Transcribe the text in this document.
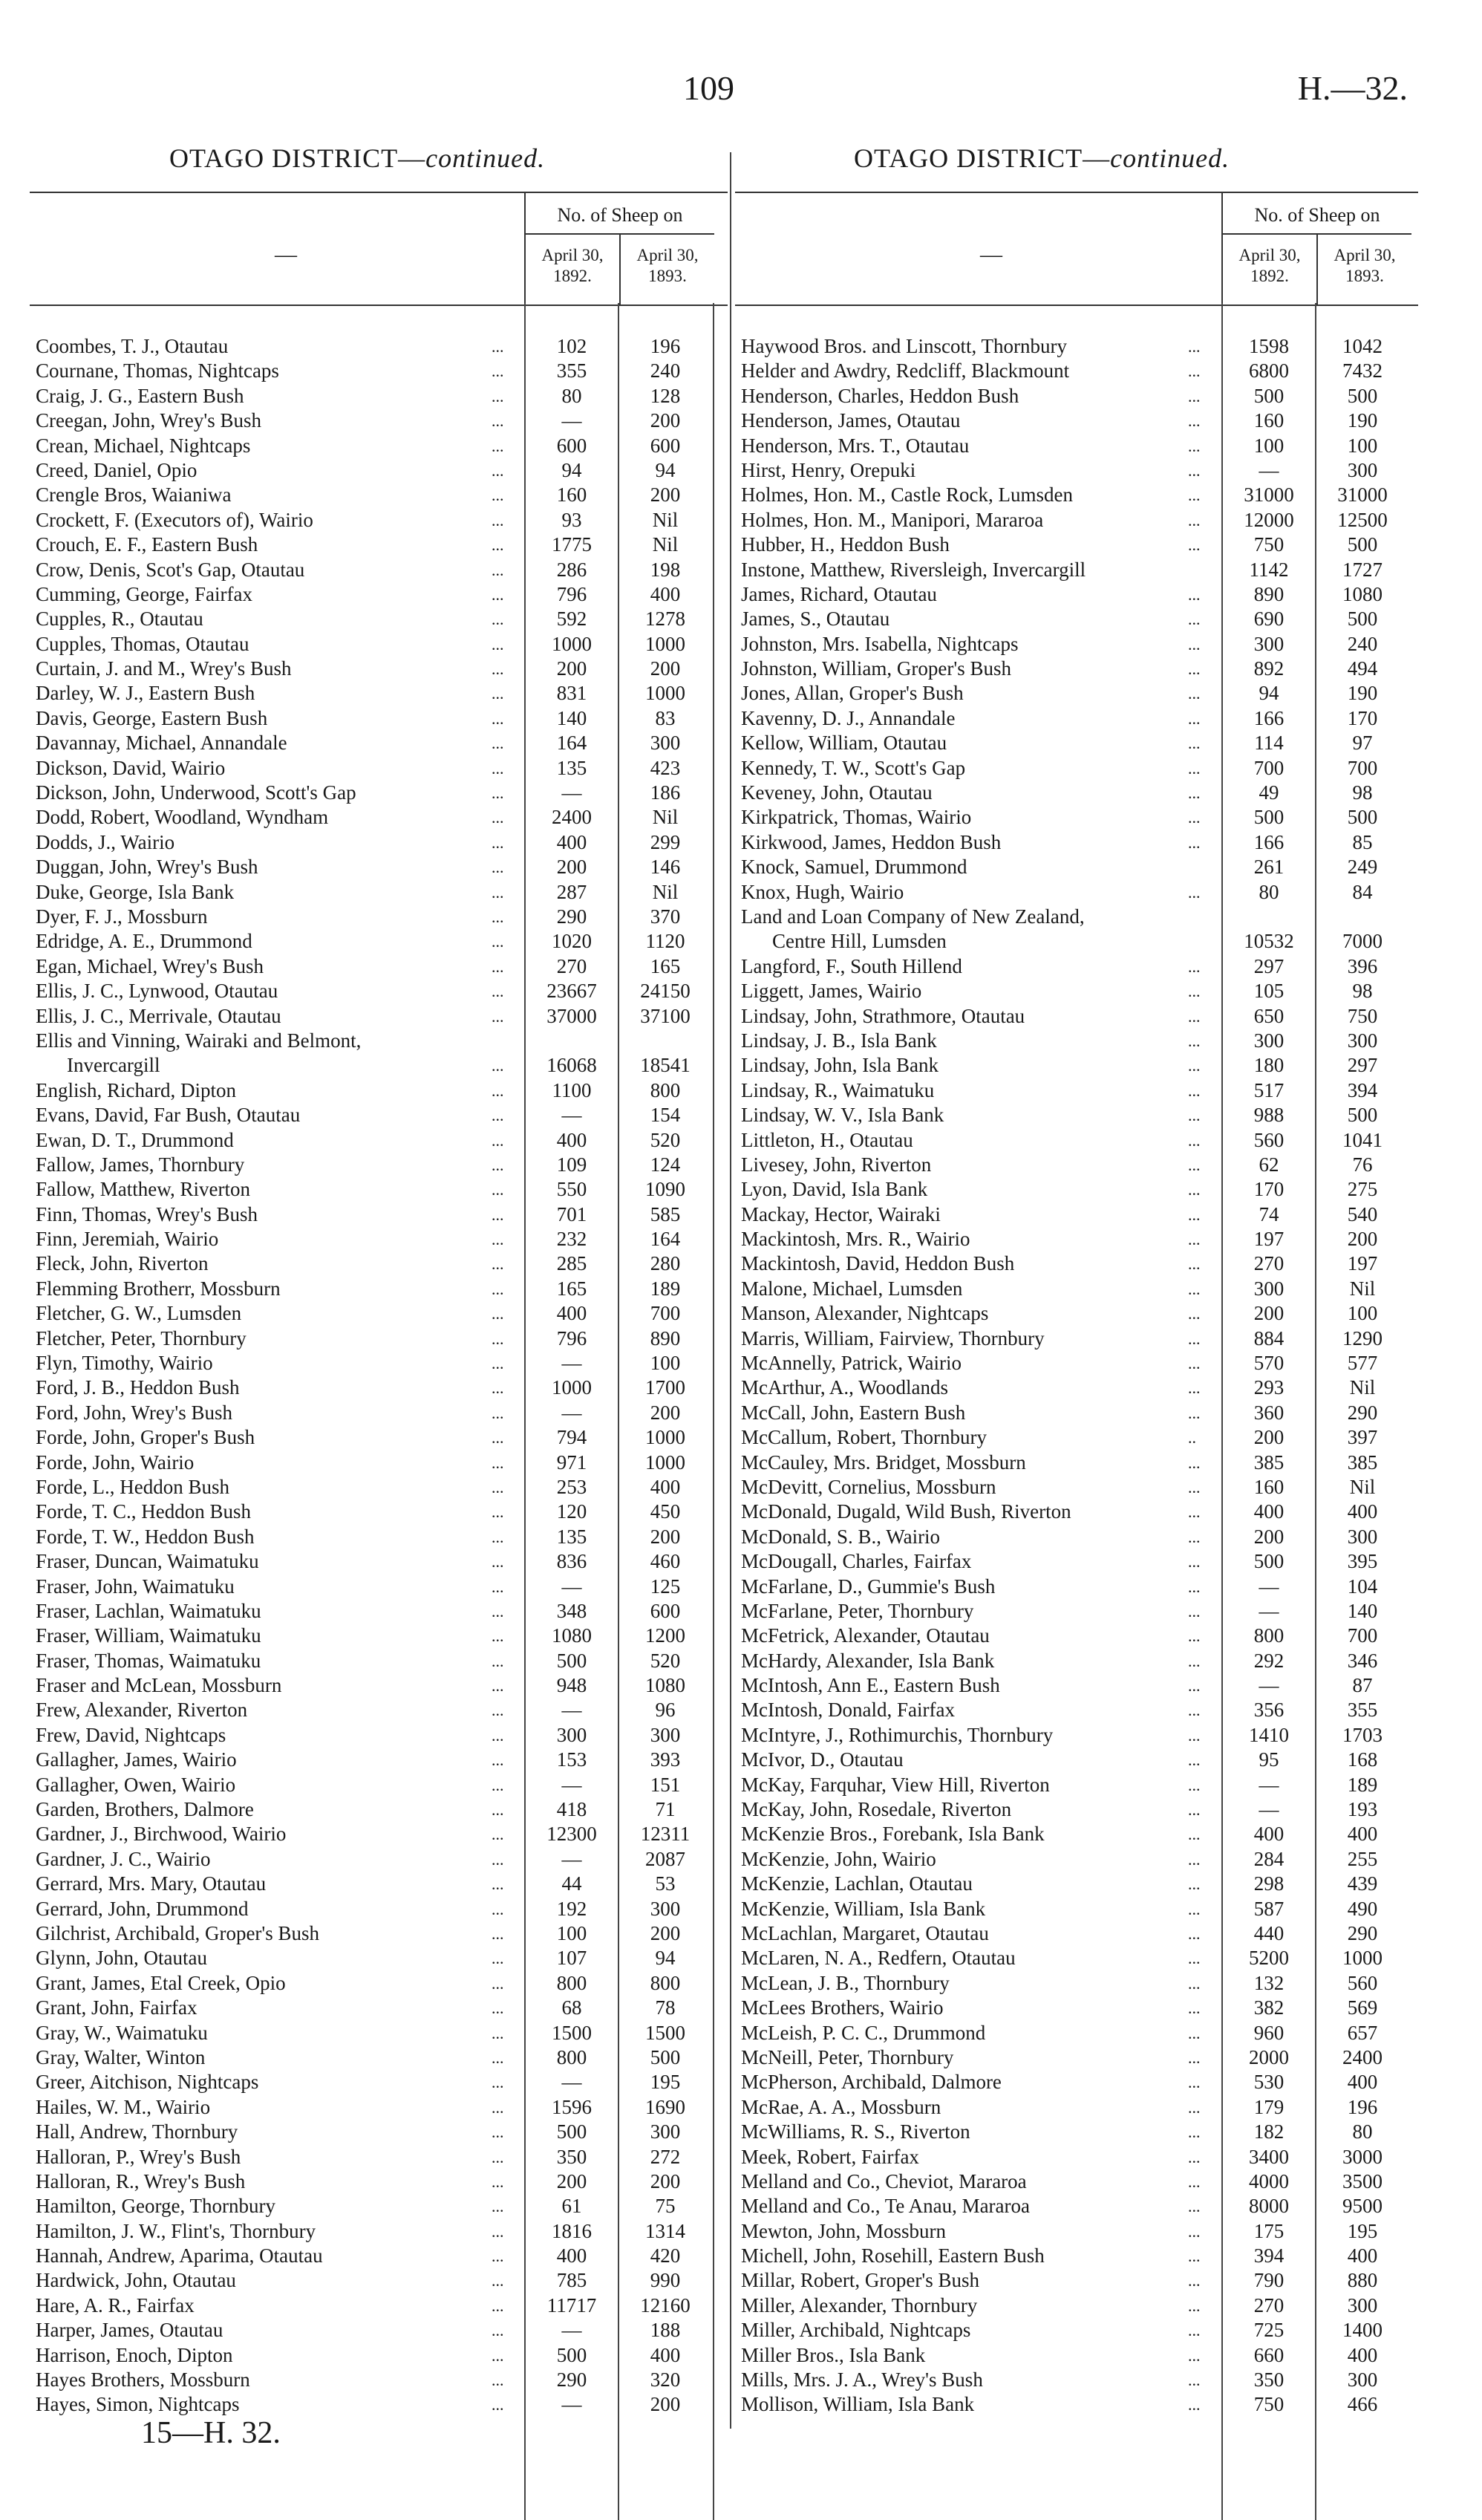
109	H.—32.
OTAGO DISTRICT—continued.	OTAGO DISTRICT—continued.
—
No. of Sheep on
April 30, 1892.
April 30, 1893.
Coombes, T. J., Otautau	...	102	196
Cournane, Thomas, Nightcaps	...	355	240
Craig, J. G., Eastern Bush	...	80	128
Creegan, John, Wrey's Bush	...	—	200
Crean, Michael, Nightcaps	...	600	600
Creed, Daniel, Opio	...	94	94
Crengle Bros, Waianiwa	...	160	200
Crockett, F. (Executors of), Wairio	...	93	Nil
Crouch, E. F., Eastern Bush	...	1775	Nil
Crow, Denis, Scot's Gap, Otautau	...	286	198
Cumming, George, Fairfax	...	796	400
Cupples, R., Otautau	...	592	1278
Cupples, Thomas, Otautau	...	1000	1000
Curtain, J. and M., Wrey's Bush	...	200	200
Darley, W. J., Eastern Bush	...	831	1000
Davis, George, Eastern Bush	...	140	83
Davannay, Michael, Annandale	...	164	300
Dickson, David, Wairio	...	135	423
Dickson, John, Underwood, Scott's Gap	...	—	186
Dodd, Robert, Woodland, Wyndham	...	2400	Nil
Dodds, J., Wairio	...	400	299
Duggan, John, Wrey's Bush	...	200	146
Duke, George, Isla Bank	...	287	Nil
Dyer, F. J., Mossburn	...	290	370
Edridge, A. E., Drummond	...	1020	1120
Egan, Michael, Wrey's Bush	...	270	165
Ellis, J. C., Lynwood, Otautau	...	23667	24150
Ellis, J. C., Merrivale, Otautau	...	37000	37100
Ellis and Vinning, Wairaki and Belmont,
Invercargill	...	16068	18541
English, Richard, Dipton	...	1100	800
Evans, David, Far Bush, Otautau	...	—	154
Ewan, D. T., Drummond	...	400	520
Fallow, James, Thornbury	...	109	124
Fallow, Matthew, Riverton	...	550	1090
Finn, Thomas, Wrey's Bush	...	701	585
Finn, Jeremiah, Wairio	...	232	164
Fleck, John, Riverton	...	285	280
Flemming Brotherr, Mossburn	...	165	189
Fletcher, G. W., Lumsden	...	400	700
Fletcher, Peter, Thornbury	...	796	890
Flyn, Timothy, Wairio	...	—	100
Ford, J. B., Heddon Bush	...	1000	1700
Ford, John, Wrey's Bush	...	—	200
Forde, John, Groper's Bush	...	794	1000
Forde, John, Wairio	...	971	1000
Forde, L., Heddon Bush	...	253	400
Forde, T. C., Heddon Bush	...	120	450
Forde, T. W., Heddon Bush	...	135	200
Fraser, Duncan, Waimatuku	...	836	460
Fraser, John, Waimatuku	...	—	125
Fraser, Lachlan, Waimatuku	...	348	600
Fraser, William, Waimatuku	...	1080	1200
Fraser, Thomas, Waimatuku	...	500	520
Fraser and McLean, Mossburn	...	948	1080
Frew, Alexander, Riverton	...	—	96
Frew, David, Nightcaps	...	300	300
Gallagher, James, Wairio	...	153	393
Gallagher, Owen, Wairio	...	—	151
Garden, Brothers, Dalmore	...	418	71
Gardner, J., Birchwood, Wairio	...	12300	12311
Gardner, J. C., Wairio	...	—	2087
Gerrard, Mrs. Mary, Otautau	...	44	53
Gerrard, John, Drummond	...	192	300
Gilchrist, Archibald, Groper's Bush	...	100	200
Glynn, John, Otautau	...	107	94
Grant, James, Etal Creek, Opio	...	800	800
Grant, John, Fairfax	...	68	78
Gray, W., Waimatuku	...	1500	1500
Gray, Walter, Winton	...	800	500
Greer, Aitchison, Nightcaps	...	—	195
Hailes, W. M., Wairio	...	1596	1690
Hall, Andrew, Thornbury	...	500	300
Halloran, P., Wrey's Bush	...	350	272
Halloran, R., Wrey's Bush	...	200	200
Hamilton, George, Thornbury	...	61	75
Hamilton, J. W., Flint's, Thornbury	...	1816	1314
Hannah, Andrew, Aparima, Otautau	...	400	420
Hardwick, John, Otautau	...	785	990
Hare, A. R., Fairfax	...	11717	12160
Harper, James, Otautau	...	—	188
Harrison, Enoch, Dipton	...	500	400
Hayes Brothers, Mossburn	...	290	320
Hayes, Simon, Nightcaps	...	—	200
—
No. of Sheep on
April 30, 1892.
April 30, 1893.
Haywood Bros. and Linscott, Thornbury	...	1598	1042
Helder and Awdry, Redcliff, Blackmount	...	6800	7432
Henderson, Charles, Heddon Bush	...	500	500
Henderson, James, Otautau	...	160	190
Henderson, Mrs. T., Otautau	...	100	100
Hirst, Henry, Orepuki	...	—	300
Holmes, Hon. M., Castle Rock, Lumsden	...	31000	31000
Holmes, Hon. M., Manipori, Mararoa	...	12000	12500
Hubber, H., Heddon Bush	...	750	500
Instone, Matthew, Riversleigh, Invercargill	1142	1727
James, Richard, Otautau	...	890	1080
James, S., Otautau	...	690	500
Johnston, Mrs. Isabella, Nightcaps	...	300	240
Johnston, William, Groper's Bush	...	892	494
Jones, Allan, Groper's Bush	...	94	190
Kavenny, D. J., Annandale	...	166	170
Kellow, William, Otautau	...	114	97
Kennedy, T. W., Scott's Gap	...	700	700
Keveney, John, Otautau	...	49	98
Kirkpatrick, Thomas, Wairio	...	500	500
Kirkwood, James, Heddon Bush	...	166	85
Knock, Samuel, Drummond	261	249
Knox, Hugh, Wairio	...	80	84
Land and Loan Company of New Zealand,
Centre Hill, Lumsden	10532	7000
Langford, F., South Hillend	...	297	396
Liggett, James, Wairio	...	105	98
Lindsay, John, Strathmore, Otautau	...	650	750
Lindsay, J. B., Isla Bank	...	300	300
Lindsay, John, Isla Bank	...	180	297
Lindsay, R., Waimatuku	...	517	394
Lindsay, W. V., Isla Bank	...	988	500
Littleton, H., Otautau	...	560	1041
Livesey, John, Riverton	...	62	76
Lyon, David, Isla Bank	...	170	275
Mackay, Hector, Wairaki	...	74	540
Mackintosh, Mrs. R., Wairio	...	197	200
Mackintosh, David, Heddon Bush	...	270	197
Malone, Michael, Lumsden	...	300	Nil
Manson, Alexander, Nightcaps	...	200	100
Marris, William, Fairview, Thornbury	...	884	1290
McAnnelly, Patrick, Wairio	...	570	577
McArthur, A., Woodlands	...	293	Nil
McCall, John, Eastern Bush	...	360	290
McCallum, Robert, Thornbury	..	200	397
McCauley, Mrs. Bridget, Mossburn	...	385	385
McDevitt, Cornelius, Mossburn	...	160	Nil
McDonald, Dugald, Wild Bush, Riverton	...	400	400
McDonald, S. B., Wairio	...	200	300
McDougall, Charles, Fairfax	...	500	395
McFarlane, D., Gummie's Bush	...	—	104
McFarlane, Peter, Thornbury	...	—	140
McFetrick, Alexander, Otautau	...	800	700
McHardy, Alexander, Isla Bank	...	292	346
McIntosh, Ann E., Eastern Bush	...	—	87
McIntosh, Donald, Fairfax	...	356	355
McIntyre, J., Rothimurchis, Thornbury	...	1410	1703
McIvor, D., Otautau	...	95	168
McKay, Farquhar, View Hill, Riverton	...	—	189
McKay, John, Rosedale, Riverton	...	—	193
McKenzie Bros., Forebank, Isla Bank	...	400	400
McKenzie, John, Wairio	...	284	255
McKenzie, Lachlan, Otautau	...	298	439
McKenzie, William, Isla Bank	...	587	490
McLachlan, Margaret, Otautau	...	440	290
McLaren, N. A., Redfern, Otautau	...	5200	1000
McLean, J. B., Thornbury	...	132	560
McLees Brothers, Wairio	...	382	569
McLeish, P. C. C., Drummond	...	960	657
McNeill, Peter, Thornbury	...	2000	2400
McPherson, Archibald, Dalmore	...	530	400
McRae, A. A., Mossburn	...	179	196
McWilliams, R. S., Riverton	...	182	80
Meek, Robert, Fairfax	...	3400	3000
Melland and Co., Cheviot, Mararoa	...	4000	3500
Melland and Co., Te Anau, Mararoa	...	8000	9500
Mewton, John, Mossburn	...	175	195
Michell, John, Rosehill, Eastern Bush	...	394	400
Millar, Robert, Groper's Bush	...	790	880
Miller, Alexander, Thornbury	...	270	300
Miller, Archibald, Nightcaps	...	725	1400
Miller Bros., Isla Bank	...	660	400
Mills, Mrs. J. A., Wrey's Bush	...	350	300
Mollison, William, Isla Bank	...	750	466
15—H. 32.
